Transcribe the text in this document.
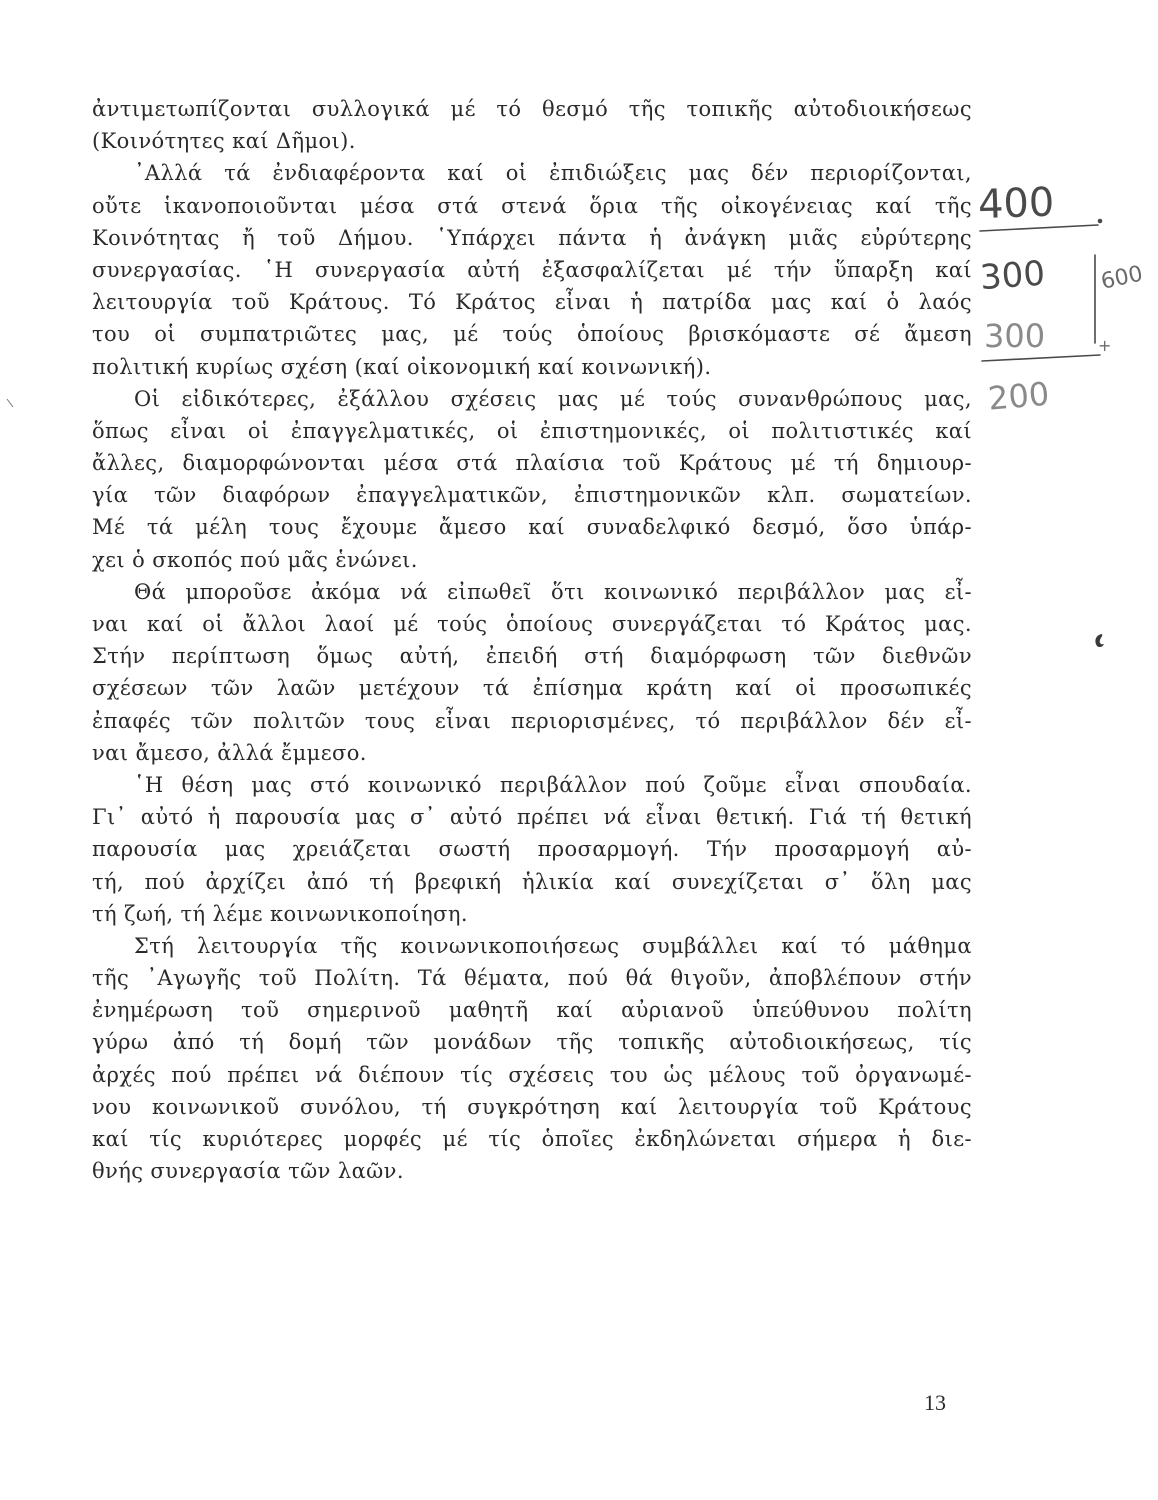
ἀντιμετωπίζονται συλλογικά μέ τό θεσμό τῆς τοπικῆς αὐτοδιοικήσεως
(Κοινότητες καί Δῆμοι).
᾿Αλλά τά ἐνδιαφέροντα καί οἱ ἐπιδιώξεις μας δέν περιορίζονται,
οὔτε ἱκανοποιοῦνται μέσα στά στενά ὅρια τῆς οἰκογένειας καί τῆς
Κοινότητας ἤ τοῦ Δήμου. ῾Υπάρχει πάντα ἡ ἀνάγκη μιᾶς εὐρύτερης
συνεργασίας. ῾Η συνεργασία αὐτή ἐξασφαλίζεται μέ τήν ὕπαρξη καί
λειτουργία τοῦ Κράτους. Τό Κράτος εἶναι ἡ πατρίδα μας καί ὁ λαός
του οἱ συμπατριῶτες μας, μέ τούς ὁποίους βρισκόμαστε σέ ἄμεση
πολιτική κυρίως σχέση (καί οἰκονομική καί κοινωνική).
Οἱ εἰδικότερες, ἐξάλλου σχέσεις μας μέ τούς συνανθρώπους μας,
ὅπως εἶναι οἱ ἐπαγγελματικές, οἱ ἐπιστημονικές, οἱ πολιτιστικές καί
ἄλλες, διαμορφώνονται μέσα στά πλαίσια τοῦ Κράτους μέ τή δημιουρ-
γία τῶν διαφόρων ἐπαγγελματικῶν, ἐπιστημονικῶν κλπ. σωματείων.
Μέ τά μέλη τους ἔχουμε ἄμεσο καί συναδελφικό δεσμό, ὅσο ὑπάρ-
χει ὁ σκοπός πού μᾶς ἑνώνει.
Θά μποροῦσε ἀκόμα νά εἰπωθεῖ ὅτι κοινωνικό περιβάλλον μας εἶ-
ναι καί οἱ ἄλλοι λαοί μέ τούς ὁποίους συνεργάζεται τό Κράτος μας.
Στήν περίπτωση ὅμως αὐτή, ἐπειδή στή διαμόρφωση τῶν διεθνῶν
σχέσεων τῶν λαῶν μετέχουν τά ἐπίσημα κράτη καί οἱ προσωπικές
ἐπαφές τῶν πολιτῶν τους εἶναι περιορισμένες, τό περιβάλλον δέν εἶ-
ναι ἄμεσο, ἀλλά ἔμμεσο.
῾Η θέση μας στό κοινωνικό περιβάλλον πού ζοῦμε εἶναι σπουδαία.
Γι᾿ αὐτό ἡ παρουσία μας σ᾿ αὐτό πρέπει νά εἶναι θετική. Γιά τή θετική
παρουσία μας χρειάζεται σωστή προσαρμογή. Τήν προσαρμογή αὐ-
τή, πού ἀρχίζει ἀπό τή βρεφική ἡλικία καί συνεχίζεται σ᾿ ὅλη μας
τή ζωή, τή λέμε κοινωνικοποίηση.
Στή λειτουργία τῆς κοινωνικοποιήσεως συμβάλλει καί τό μάθημα
τῆς ᾿Αγωγῆς τοῦ Πολίτη. Τά θέματα, πού θά θιγοῦν, ἀποβλέπουν στήν
ἐνημέρωση τοῦ σημερινοῦ μαθητῆ καί αὐριανοῦ ὑπεύθυνου πολίτη
γύρω ἀπό τή δομή τῶν μονάδων τῆς τοπικῆς αὐτοδιοικήσεως, τίς
ἀρχές πού πρέπει νά διέπουν τίς σχέσεις του ὡς μέλους τοῦ ὀργανωμέ-
νου κοινωνικοῦ συνόλου, τή συγκρότηση καί λειτουργία τοῦ Κράτους
καί τίς κυριότερες μορφές μέ τίς ὁποῖες ἐκδηλώνεται σήμερα ἡ διε-
θνής συνεργασία τῶν λαῶν.
400
300 600
300	+
200
13
